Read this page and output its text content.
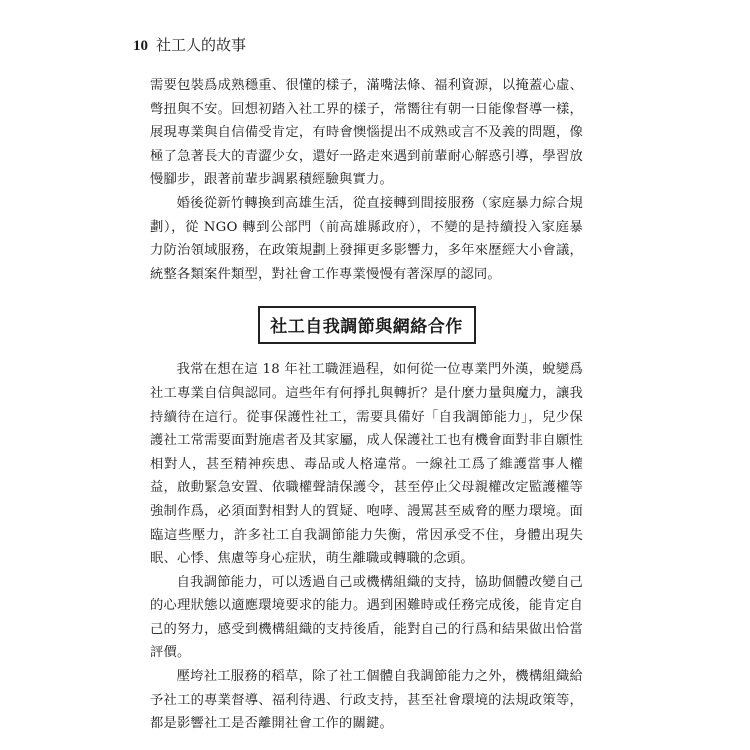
10 社工人的故事

需要包裝爲成熟穩重、很懂的樣子，滿嘴法條、福利資源，以掩蓋心虛、彆扭與不安。回想初踏入社工界的樣子，常嚮往有朝一日能像督導一樣，展現專業與自信備受肯定，有時會懊惱提出不成熟或言不及義的問題，像極了急著長大的青澀少女，還好一路走來遇到前輩耐心解惑引導，學習放慢腳步，跟著前輩步調累積經驗與實力。

婚後從新竹轉換到高雄生活，從直接轉到間接服務（家庭暴力綜合規劃），從 NGO 轉到公部門（前高雄縣政府），不變的是持續投入家庭暴力防治領域服務，在政策規劃上發揮更多影響力，多年來歷經大小會議，統整各類案件類型，對社會工作專業慢慢有著深厚的認同。

社工自我調節與網絡合作

我常在想在這 18 年社工職涯過程，如何從一位專業門外漢，蛻變爲社工專業自信與認同。這些年有何掙扎與轉折？是什麼力量與魔力，讓我持續待在這行。從事保護性社工，需要具備好「自我調節能力」，兒少保護社工常需要面對施虐者及其家屬，成人保護社工也有機會面對非自願性相對人，甚至精神疾患、毒品或人格違常。一線社工爲了維護當事人權益，啟動緊急安置、依職權聲請保護令，甚至停止父母親權改定監護權等強制作爲，必須面對相對人的質疑、咆哮、謾罵甚至威脅的壓力環境。面臨這些壓力，許多社工自我調節能力失衡，常因承受不住，身體出現失眠、心悸、焦慮等身心症狀，萌生離職或轉職的念頭。

自我調節能力，可以透過自己或機構組織的支持，協助個體改變自己的心理狀態以適應環境要求的能力。遇到困難時或任務完成後，能肯定自己的努力，感受到機構組織的支持後盾，能對自己的行爲和結果做出恰當評價。

壓垮社工服務的稻草，除了社工個體自我調節能力之外，機構組織給予社工的專業督導、福利待遇、行政支持，甚至社會環境的法規政策等，都是影響社工是否離開社會工作的關鍵。
